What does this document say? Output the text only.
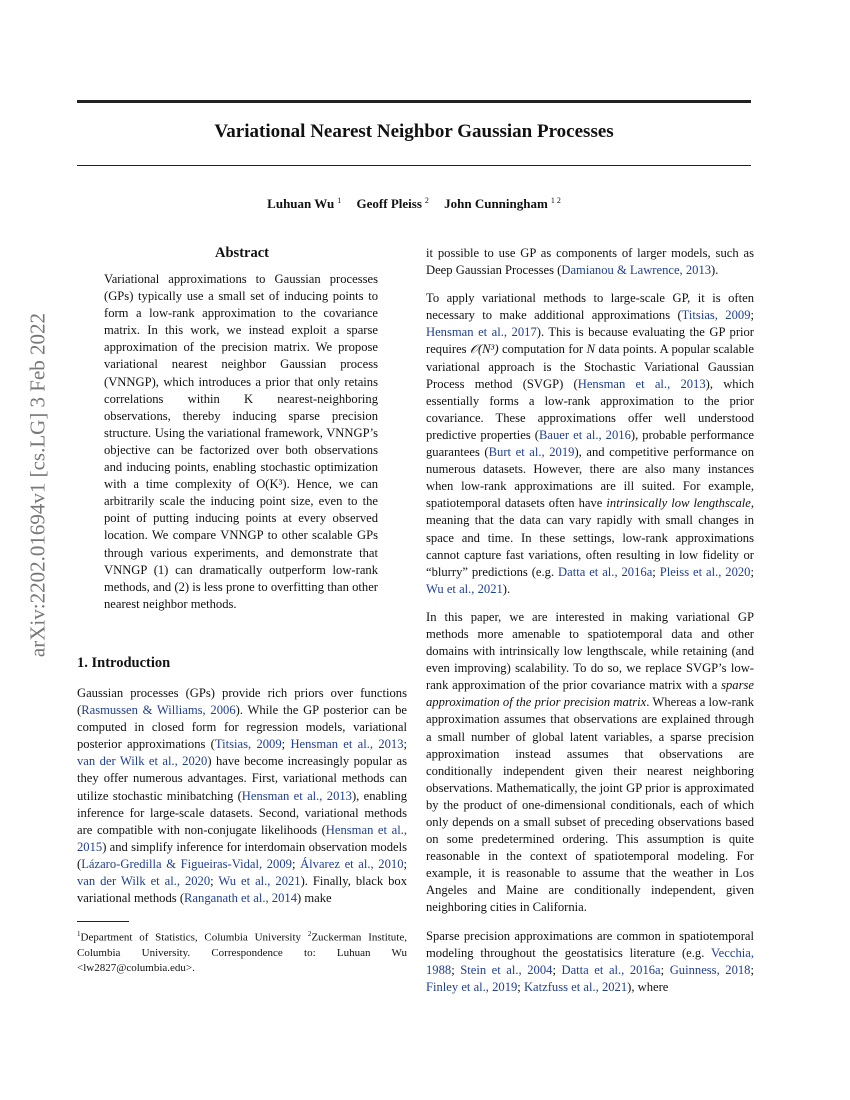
Variational Nearest Neighbor Gaussian Processes
Luhuan Wu $^1$ Geoff Pleiss $^2$ John Cunningham $^{1 2}$
arXiv:2202.01694v1 [cs.LG] 3 Feb 2022
Abstract
Variational approximations to Gaussian processes (GPs) typically use a small set of inducing points to form a low-rank approximation to the covariance matrix. In this work, we instead exploit a sparse approximation of the precision matrix. We propose variational nearest neighbor Gaussian process (VNNGP), which introduces a prior that only retains correlations within K nearest-neighboring observations, thereby inducing sparse precision structure. Using the variational framework, VNNGP’s objective can be factorized over both observations and inducing points, enabling stochastic optimization with a time complexity of O(K³). Hence, we can arbitrarily scale the inducing point size, even to the point of putting inducing points at every observed location. We compare VNNGP to other scalable GPs through various experiments, and demonstrate that VNNGP (1) can dramatically outperform low-rank methods, and (2) is less prone to overfitting than other nearest neighbor methods.
1. Introduction
Gaussian processes (GPs) provide rich priors over functions (Rasmussen & Williams, 2006). While the GP posterior can be computed in closed form for regression models, variational posterior approximations (Titsias, 2009; Hensman et al., 2013; van der Wilk et al., 2020) have become increasingly popular as they offer numerous advantages. First, variational methods can utilize stochastic minibatching (Hensman et al., 2013), enabling inference for large-scale datasets. Second, variational methods are compatible with non-conjugate likelihoods (Hensman et al., 2015) and simplify inference for interdomain observation models (Lázaro-Gredilla & Figueiras-Vidal, 2009; Álvarez et al., 2010; van der Wilk et al., 2020; Wu et al., 2021). Finally, black box variational methods (Ranganath et al., 2014) make
$^1$Department of Statistics, Columbia University $^2$Zuckerman Institute, Columbia University. Correspondence to: Luhuan Wu <lw2827@columbia.edu>.
it possible to use GP as components of larger models, such as Deep Gaussian Processes (Damianou & Lawrence, 2013).
To apply variational methods to large-scale GP, it is often necessary to make additional approximations (Titsias, 2009; Hensman et al., 2017). This is because evaluating the GP prior requires 𝒪(N³) computation for N data points. A popular scalable variational approach is the Stochastic Variational Gaussian Process method (SVGP) (Hensman et al., 2013), which essentially forms a low-rank approximation to the prior covariance. These approximations offer well understood predictive properties (Bauer et al., 2016), probable performance guarantees (Burt et al., 2019), and competitive performance on numerous datasets. However, there are also many instances when low-rank approximations are ill suited. For example, spatiotemporal datasets often have intrinsically low lengthscale, meaning that the data can vary rapidly with small changes in space and time. In these settings, low-rank approximations cannot capture fast variations, often resulting in low fidelity or “blurry” predictions (e.g. Datta et al., 2016a; Pleiss et al., 2020; Wu et al., 2021).
In this paper, we are interested in making variational GP methods more amenable to spatiotemporal data and other domains with intrinsically low lengthscale, while retaining (and even improving) scalability. To do so, we replace SVGP’s low-rank approximation of the prior covariance matrix with a sparse approximation of the prior precision matrix. Whereas a low-rank approximation assumes that observations are explained through a small number of global latent variables, a sparse precision approximation instead assumes that observations are conditionally independent given their nearest neighboring observations. Mathematically, the joint GP prior is approximated by the product of one-dimensional conditionals, each of which only depends on a small subset of preceding observations based on some predetermined ordering. This assumption is quite reasonable in the context of spatiotemporal modeling. For example, it is reasonable to assume that the weather in Los Angeles and Maine are conditionally independent, given neighboring cities in California.
Sparse precision approximations are common in spatiotemporal modeling throughout the geostatisics literature (e.g. Vecchia, 1988; Stein et al., 2004; Datta et al., 2016a; Guinness, 2018; Finley et al., 2019; Katzfuss et al., 2021), where
